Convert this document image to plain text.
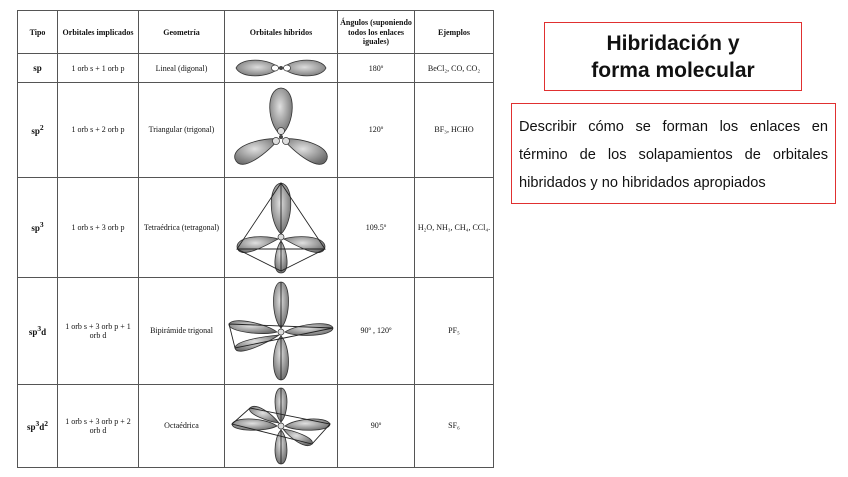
Tipo	Orbitales implicados	Geometría	Orbitales híbridos	Ángulos (suponiendo todos los enlaces iguales)	Ejemplos
sp	1 orb s + 1 orb p	Lineal (digonal)		180º	BeCl₂, CO, CO₂
$sp^2$	1 orb s + 2 orb p	Triangular (trigonal)		120º	BF₃, HCHO
$sp^3$	1 orb s + 3 orb p	Tetraédrica (tetragonal)		109.5º	H₂O, NH₃, CH₄, CCl₄.
$sp^3d$	1 orb s + 3 orb p + 1 orb d	Bipirámide trigonal		90º , 120º	PF₅
$sp^3d^2$	1 orb s + 3 orb p + 2 orb d	Octaédrica		90º	SF₆
Hibridación y
forma molecular

Describir cómo se forman los enlaces en término de los solapamientos de orbitales hibridados y no hibridados apropiados
